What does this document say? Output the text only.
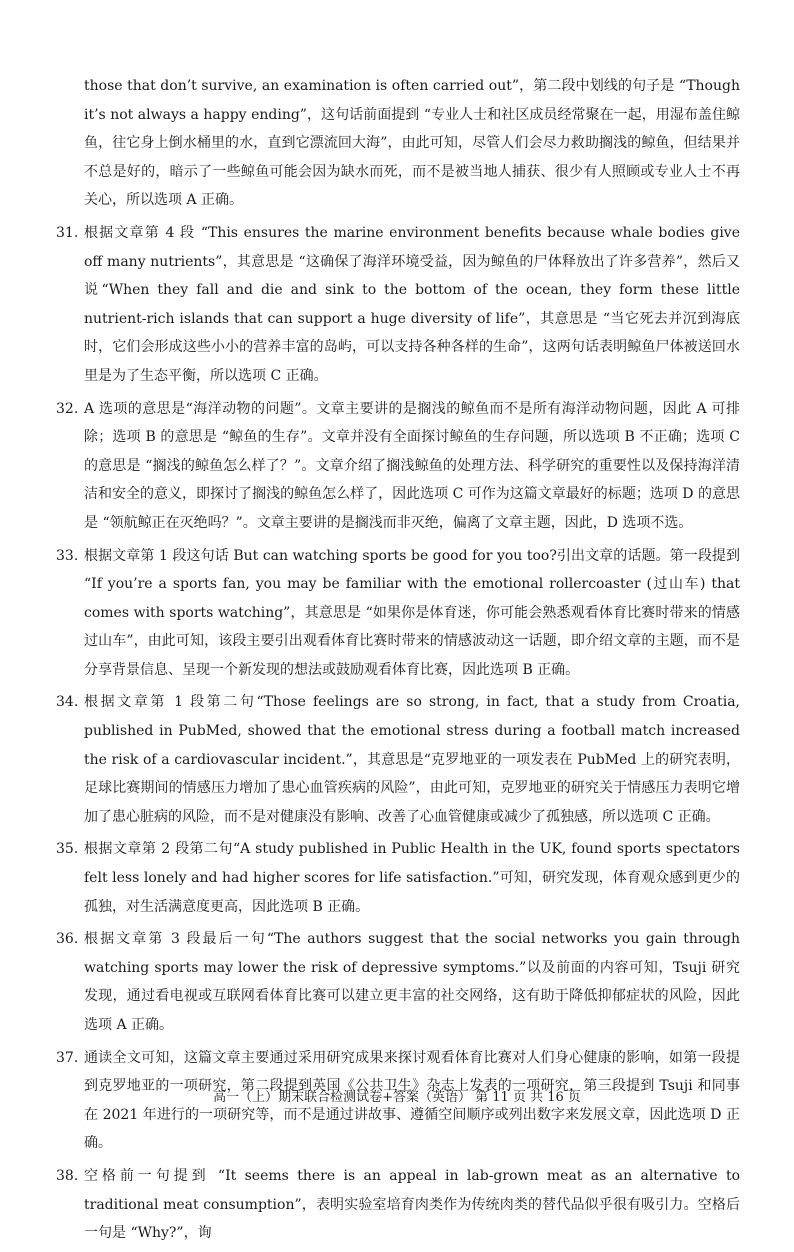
those that don’t survive, an examination is often carried out”，第二段中划线的句子是 “Though it’s not always a happy ending”，这句话前面提到 “专业人士和社区成员经常聚在一起，用湿布盖住鲸鱼，往它身上倒水桶里的水，直到它漂流回大海”，由此可知，尽管人们会尽力救助搁浅的鲸鱼，但结果并不总是好的，暗示了一些鲸鱼可能会因为缺水而死，而不是被当地人捕获、很少有人照顾或专业人士不再关心，所以选项 A 正确。

31. 根据文章第 4 段 “This ensures the marine environment benefits because whale bodies give off many nutrients”，其意思是 “这确保了海洋环境受益，因为鲸鱼的尸体释放出了许多营养”，然后又说“When they fall and die and sink to the bottom of the ocean, they form these little nutrient-rich islands that can support a huge diversity of life”，其意思是 “当它死去并沉到海底时，它们会形成这些小小的营养丰富的岛屿，可以支持各种各样的生命”，这两句话表明鲸鱼尸体被送回水里是为了生态平衡，所以选项 C 正确。

32. A 选项的意思是“海洋动物的问题”。文章主要讲的是搁浅的鲸鱼而不是所有海洋动物问题，因此 A 可排除；选项 B 的意思是 “鲸鱼的生存”。文章并没有全面探讨鲸鱼的生存问题，所以选项 B 不正确；选项 C 的意思是 “搁浅的鲸鱼怎么样了？”。文章介绍了搁浅鲸鱼的处理方法、科学研究的重要性以及保持海洋清洁和安全的意义，即探讨了搁浅的鲸鱼怎么样了，因此选项 C 可作为这篇文章最好的标题；选项 D 的意思是 “领航鲸正在灭绝吗？”。文章主要讲的是搁浅而非灭绝，偏离了文章主题，因此，D 选项不选。

33. 根据文章第 1 段这句话 But can watching sports be good for you too?引出文章的话题。第一段提到 “If you’re a sports fan, you may be familiar with the emotional rollercoaster (过山车) that comes with sports watching”，其意思是 “如果你是体育迷，你可能会熟悉观看体育比赛时带来的情感过山车”，由此可知，该段主要引出观看体育比赛时带来的情感波动这一话题，即介绍文章的主题，而不是分享背景信息、呈现一个新发现的想法或鼓励观看体育比赛，因此选项 B 正确。

34. 根据文章第 1 段第二句“Those feelings are so strong, in fact, that a study from Croatia, published in PubMed, showed that the emotional stress during a football match increased the risk of a cardiovascular incident.”，其意思是“克罗地亚的一项发表在 PubMed 上的研究表明，足球比赛期间的情感压力增加了患心血管疾病的风险”，由此可知，克罗地亚的研究关于情感压力表明它增加了患心脏病的风险，而不是对健康没有影响、改善了心血管健康或减少了孤独感，所以选项 C 正确。

35. 根据文章第 2 段第二句“A study published in Public Health in the UK, found sports spectators felt less lonely and had higher scores for life satisfaction.”可知，研究发现，体育观众感到更少的孤独，对生活满意度更高，因此选项 B 正确。

36. 根据文章第 3 段最后一句“The authors suggest that the social networks you gain through watching sports may lower the risk of depressive symptoms.”以及前面的内容可知，Tsuji 研究发现，通过看电视或互联网看体育比赛可以建立更丰富的社交网络，这有助于降低抑郁症状的风险，因此选项 A 正确。

37. 通读全文可知，这篇文章主要通过采用研究成果来探讨观看体育比赛对人们身心健康的影响，如第一段提到克罗地亚的一项研究，第二段提到英国《公共卫生》杂志上发表的一项研究，第三段提到 Tsuji 和同事在 2021 年进行的一项研究等，而不是通过讲故事、遵循空间顺序或列出数字来发展文章，因此选项 D 正确。

38. 空格前一句提到 “It seems there is an appeal in lab-grown meat as an alternative to traditional meat consumption”，表明实验室培育肉类作为传统肉类的替代品似乎很有吸引力。空格后一句是 “Why?”，询

高一（上）期末联合检测试卷+答案（英语） 第 11 页 共 16 页
